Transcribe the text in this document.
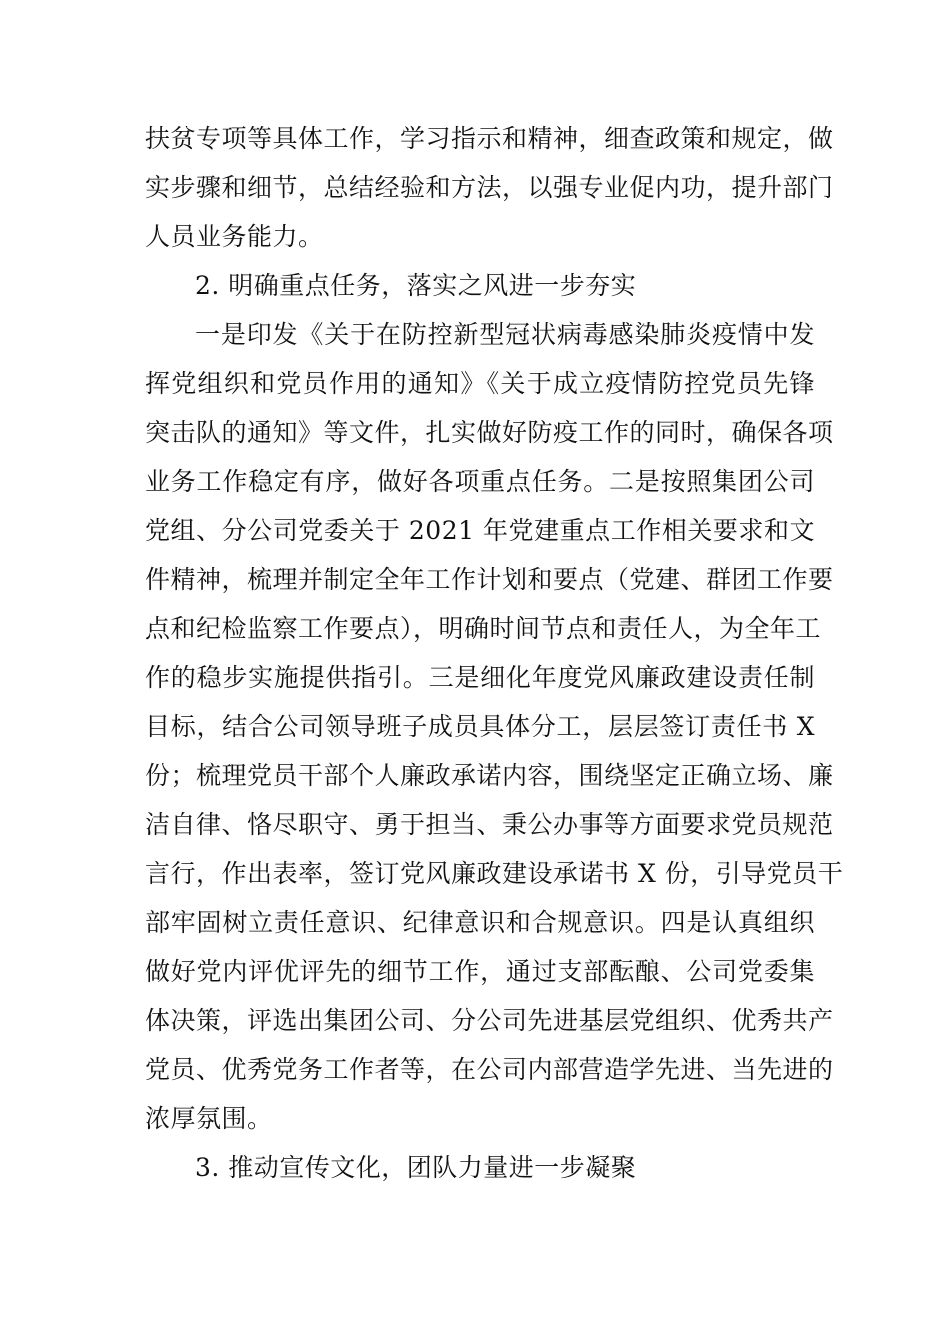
扶贫专项等具体工作，学习指示和精神，细查政策和规定，做
实步骤和细节，总结经验和方法，以强专业促内功，提升部门
人员业务能力。
2. 明确重点任务，落实之风进一步夯实
一是印发《关于在防控新型冠状病毒感染肺炎疫情中发
挥党组织和党员作用的通知》《关于成立疫情防控党员先锋
突击队的通知》等文件，扎实做好防疫工作的同时，确保各项
业务工作稳定有序，做好各项重点任务。二是按照集团公司
党组、分公司党委关于 2021 年党建重点工作相关要求和文
件精神，梳理并制定全年工作计划和要点（党建、群团工作要
点和纪检监察工作要点），明确时间节点和责任人，为全年工
作的稳步实施提供指引。三是细化年度党风廉政建设责任制
目标，结合公司领导班子成员具体分工，层层签订责任书 X
份；梳理党员干部个人廉政承诺内容，围绕坚定正确立场、廉
洁自律、恪尽职守、勇于担当、秉公办事等方面要求党员规范
言行，作出表率，签订党风廉政建设承诺书 X 份，引导党员干
部牢固树立责任意识、纪律意识和合规意识。四是认真组织
做好党内评优评先的细节工作，通过支部酝酿、公司党委集
体决策，评选出集团公司、分公司先进基层党组织、优秀共产
党员、优秀党务工作者等，在公司内部营造学先进、当先进的
浓厚氛围。
3. 推动宣传文化，团队力量进一步凝聚
